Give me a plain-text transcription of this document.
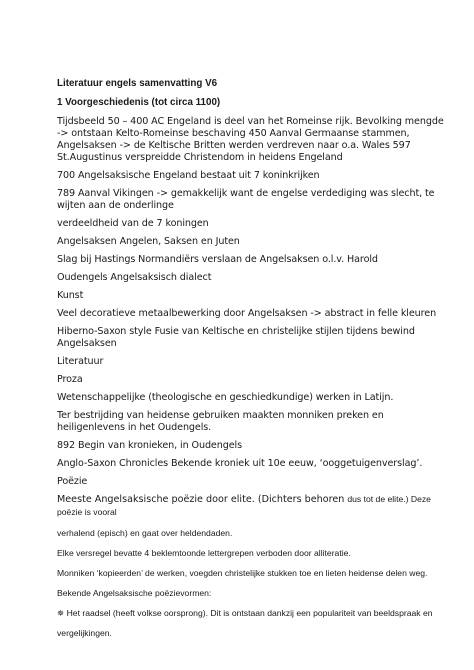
Literatuur engels samenvatting V6
1 Voorgeschiedenis (tot circa 1100)
Tijdsbeeld 50 – 400 AC Engeland is deel van het Romeinse rijk. Bevolking mengde
-> ontstaan Kelto-Romeinse beschaving 450 Aanval Germaanse stammen,
Angelsaksen -> de Keltische Britten werden verdreven naar o.a. Wales 597
St.Augustinus verspreidde Christendom in heidens Engeland
700 Angelsaksische Engeland bestaat uit 7 koninkrijken
789 Aanval Vikingen -> gemakkelijk want de engelse verdediging was slecht, te
wijten aan de onderlinge
verdeeldheid van de 7 koningen
Angelsaksen Angelen, Saksen en Juten
Slag bij Hastings Normandiërs verslaan de Angelsaksen o.l.v. Harold
Oudengels Angelsaksisch dialect
Kunst
Veel decoratieve metaalbewerking door Angelsaksen -> abstract in felle kleuren
Hiberno-Saxon style Fusie van Keltische en christelijke stijlen tijdens bewind
Angelsaksen
Literatuur
Proza
Wetenschappelijke (theologische en geschiedkundige) werken in Latijn.
Ter bestrijding van heidense gebruiken maakten monniken preken en
heiligenlevens in het Oudengels.
892 Begin van kronieken, in Oudengels
Anglo-Saxon Chronicles Bekende kroniek uit 10e eeuw, ‘ooggetuigenverslag’.
Poëzie
Meeste Angelsaksische poëzie door elite. (Dichters behoren dus tot de elite.) Deze
poëzie is vooral
verhalend (episch) en gaat over heldendaden.
Elke versregel bevatte 4 beklemtoonde lettergrepen verboden door alliteratie.
Monniken ‘kopieerden’ de werken, voegden christelijke stukken toe en lieten heidense delen weg.
Bekende Angelsaksische poëzievormen:
✵ Het raadsel (heeft volkse oorsprong). Dit is ontstaan dankzij een populariteit van beeldspraak en
vergelijkingen.
